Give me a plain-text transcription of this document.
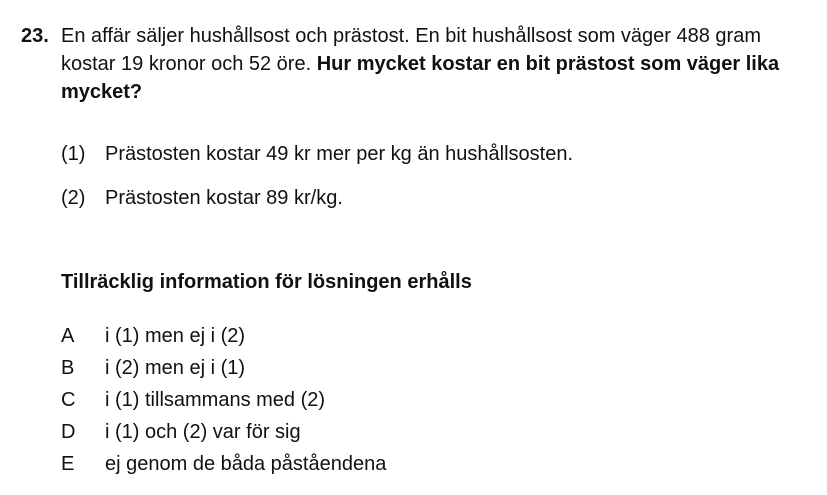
23. En affär säljer hushållsost och prästost. En bit hushållsost som väger 488 gram kostar 19 kronor och 52 öre. Hur mycket kostar en bit prästost som väger lika mycket?
(1) Prästosten kostar 49 kr mer per kg än hushållsosten.
(2) Prästosten kostar 89 kr/kg.
Tillräcklig information för lösningen erhålls
A i (1) men ej i (2)
B i (2) men ej i (1)
C i (1) tillsammans med (2)
D i (1) och (2) var för sig
E ej genom de båda påståendena
